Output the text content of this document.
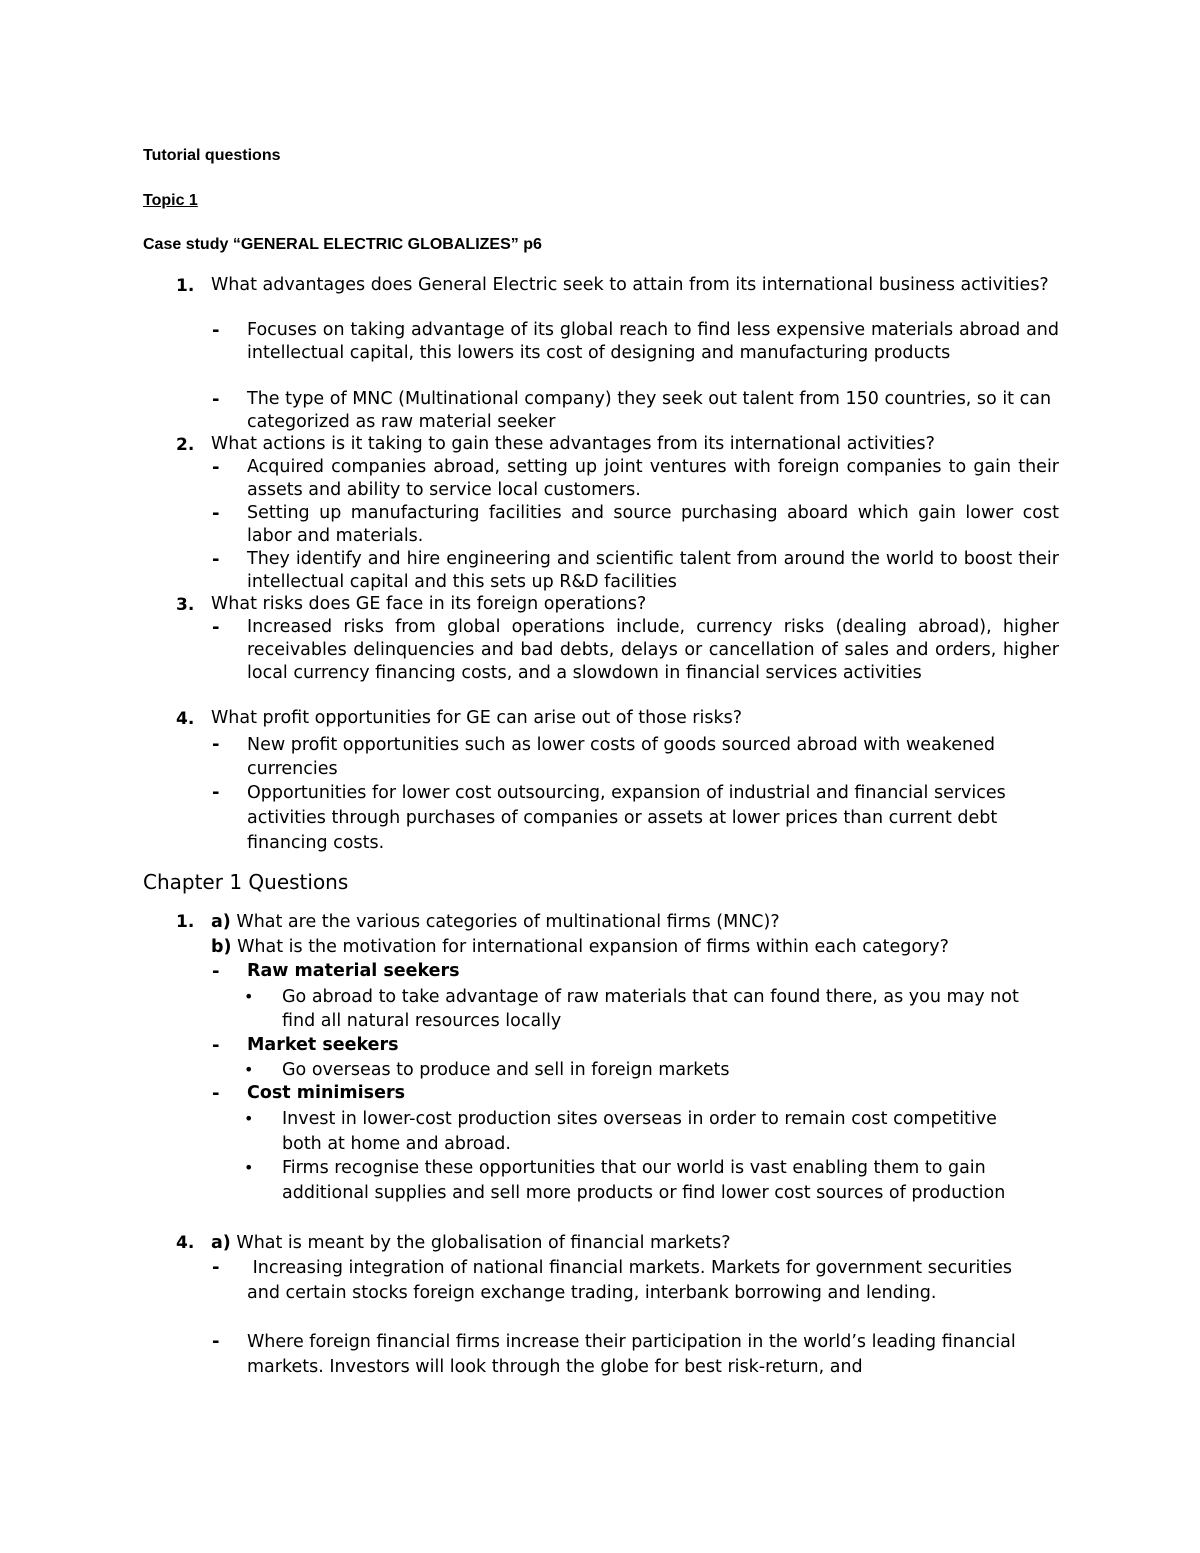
Tutorial questions
Topic 1
Case study “GENERAL ELECTRIC GLOBALIZES” p6
1. What advantages does General Electric seek to attain from its international business activities?
- Focuses on taking advantage of its global reach to find less expensive materials abroad and intellectual capital, this lowers its cost of designing and manufacturing products
- The type of MNC (Multinational company) they seek out talent from 150 countries, so it can categorized as raw material seeker
2. What actions is it taking to gain these advantages from its international activities?
- Acquired companies abroad, setting up joint ventures with foreign companies to gain their assets and ability to service local customers.
- Setting up manufacturing facilities and source purchasing aboard which gain lower cost labor and materials.
- They identify and hire engineering and scientific talent from around the world to boost their intellectual capital and this sets up R&D facilities
3. What risks does GE face in its foreign operations?
- Increased risks from global operations include, currency risks (dealing abroad), higher receivables delinquencies and bad debts, delays or cancellation of sales and orders, higher local currency financing costs, and a slowdown in financial services activities
4. What profit opportunities for GE can arise out of those risks?
- New profit opportunities such as lower costs of goods sourced abroad with weakened currencies
- Opportunities for lower cost outsourcing, expansion of industrial and financial services activities through purchases of companies or assets at lower prices than current debt financing costs.
Chapter 1 Questions
1. a) What are the various categories of multinational firms (MNC)?
b) What is the motivation for international expansion of firms within each category?
- Raw material seekers
• Go abroad to take advantage of raw materials that can found there, as you may not find all natural resources locally
- Market seekers
• Go overseas to produce and sell in foreign markets
- Cost minimisers
• Invest in lower-cost production sites overseas in order to remain cost competitive both at home and abroad.
• Firms recognise these opportunities that our world is vast enabling them to gain additional supplies and sell more products or find lower cost sources of production
4. a) What is meant by the globalisation of financial markets?
- Increasing integration of national financial markets. Markets for government securities and certain stocks foreign exchange trading, interbank borrowing and lending.
- Where foreign financial firms increase their participation in the world’s leading financial markets. Investors will look through the globe for best risk-return, and
